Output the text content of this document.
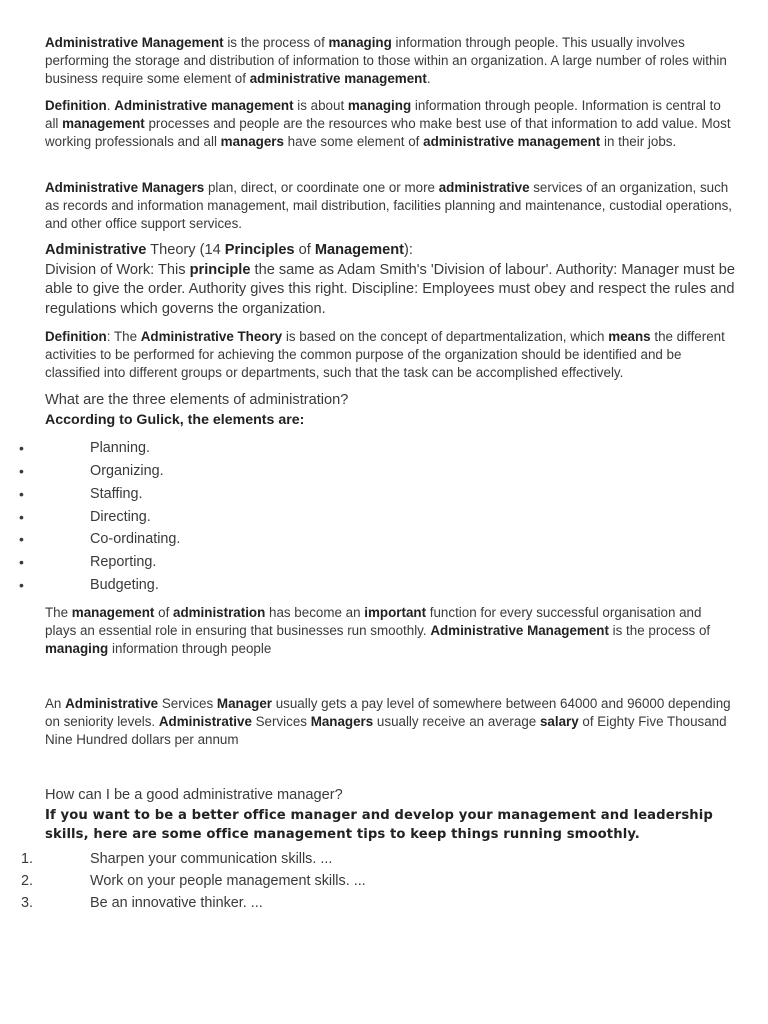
Administrative Management is the process of managing information through people. This usually involves performing the storage and distribution of information to those within an organization. A large number of roles within business require some element of administrative management.
Definition. Administrative management is about managing information through people. Information is central to all management processes and people are the resources who make best use of that information to add value. Most working professionals and all managers have some element of administrative management in their jobs.
Administrative Managers plan, direct, or coordinate one or more administrative services of an organization, such as records and information management, mail distribution, facilities planning and maintenance, custodial operations, and other office support services.
Administrative Theory (14 Principles of Management):
Division of Work: This principle the same as Adam Smith's 'Division of labour'. Authority: Manager must be able to give the order. Authority gives this right. Discipline: Employees must obey and respect the rules and regulations which governs the organization.
Definition: The Administrative Theory is based on the concept of departmentalization, which means the different activities to be performed for achieving the common purpose of the organization should be identified and be classified into different groups or departments, such that the task can be accomplished effectively.
What are the three elements of administration?
According to Gulick, the elements are:
•	Planning.
•	Organizing.
•	Staffing.
•	Directing.
•	Co-ordinating.
•	Reporting.
•	Budgeting.
The management of administration has become an important function for every successful organisation and plays an essential role in ensuring that businesses run smoothly. Administrative Management is the process of managing information through people
An Administrative Services Manager usually gets a pay level of somewhere between 64000 and 96000 depending on seniority levels. Administrative Services Managers usually receive an average salary of Eighty Five Thousand Nine Hundred dollars per annum
How can I be a good administrative manager?
If you want to be a better office manager and develop your management and leadership skills, here are some office management tips to keep things running smoothly.
1.	Sharpen your communication skills. ...
2.	Work on your people management skills. ...
3.	Be an innovative thinker. ...
